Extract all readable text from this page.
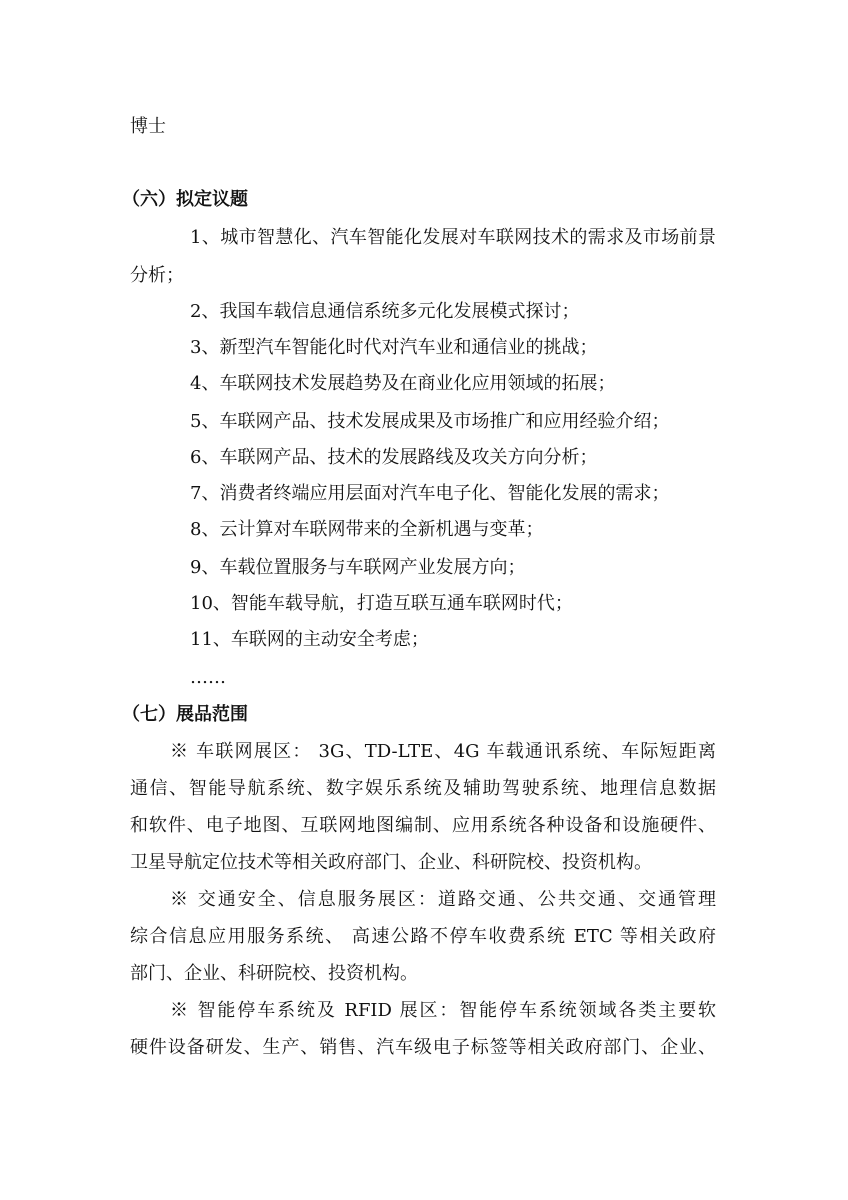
博士
（六）拟定议题
1、城市智慧化、汽车智能化发展对车联网技术的需求及市场前景
分析；
2、我国车载信息通信系统多元化发展模式探讨；
3、新型汽车智能化时代对汽车业和通信业的挑战；
4、车联网技术发展趋势及在商业化应用领域的拓展；
5、车联网产品、技术发展成果及市场推广和应用经验介绍；
6、车联网产品、技术的发展路线及攻关方向分析；
7、消费者终端应用层面对汽车电子化、智能化发展的需求；
8、云计算对车联网带来的全新机遇与变革；
9、车载位置服务与车联网产业发展方向；
10、智能车载导航，打造互联互通车联网时代；
11、车联网的主动安全考虑；
……
（七）展品范围
※ 车联网展区： 3G、TD-LTE、4G 车载通讯系统、车际短距离
通信、智能导航系统、数字娱乐系统及辅助驾驶系统、地理信息数据
和软件、电子地图、互联网地图编制、应用系统各种设备和设施硬件、
卫星导航定位技术等相关政府部门、企业、科研院校、投资机构。
※ 交通安全、信息服务展区：道路交通、公共交通、交通管理
综合信息应用服务系统、 高速公路不停车收费系统 ETC 等相关政府
部门、企业、科研院校、投资机构。
※ 智能停车系统及 RFID 展区：智能停车系统领域各类主要软
硬件设备研发、生产、销售、汽车级电子标签等相关政府部门、企业、
